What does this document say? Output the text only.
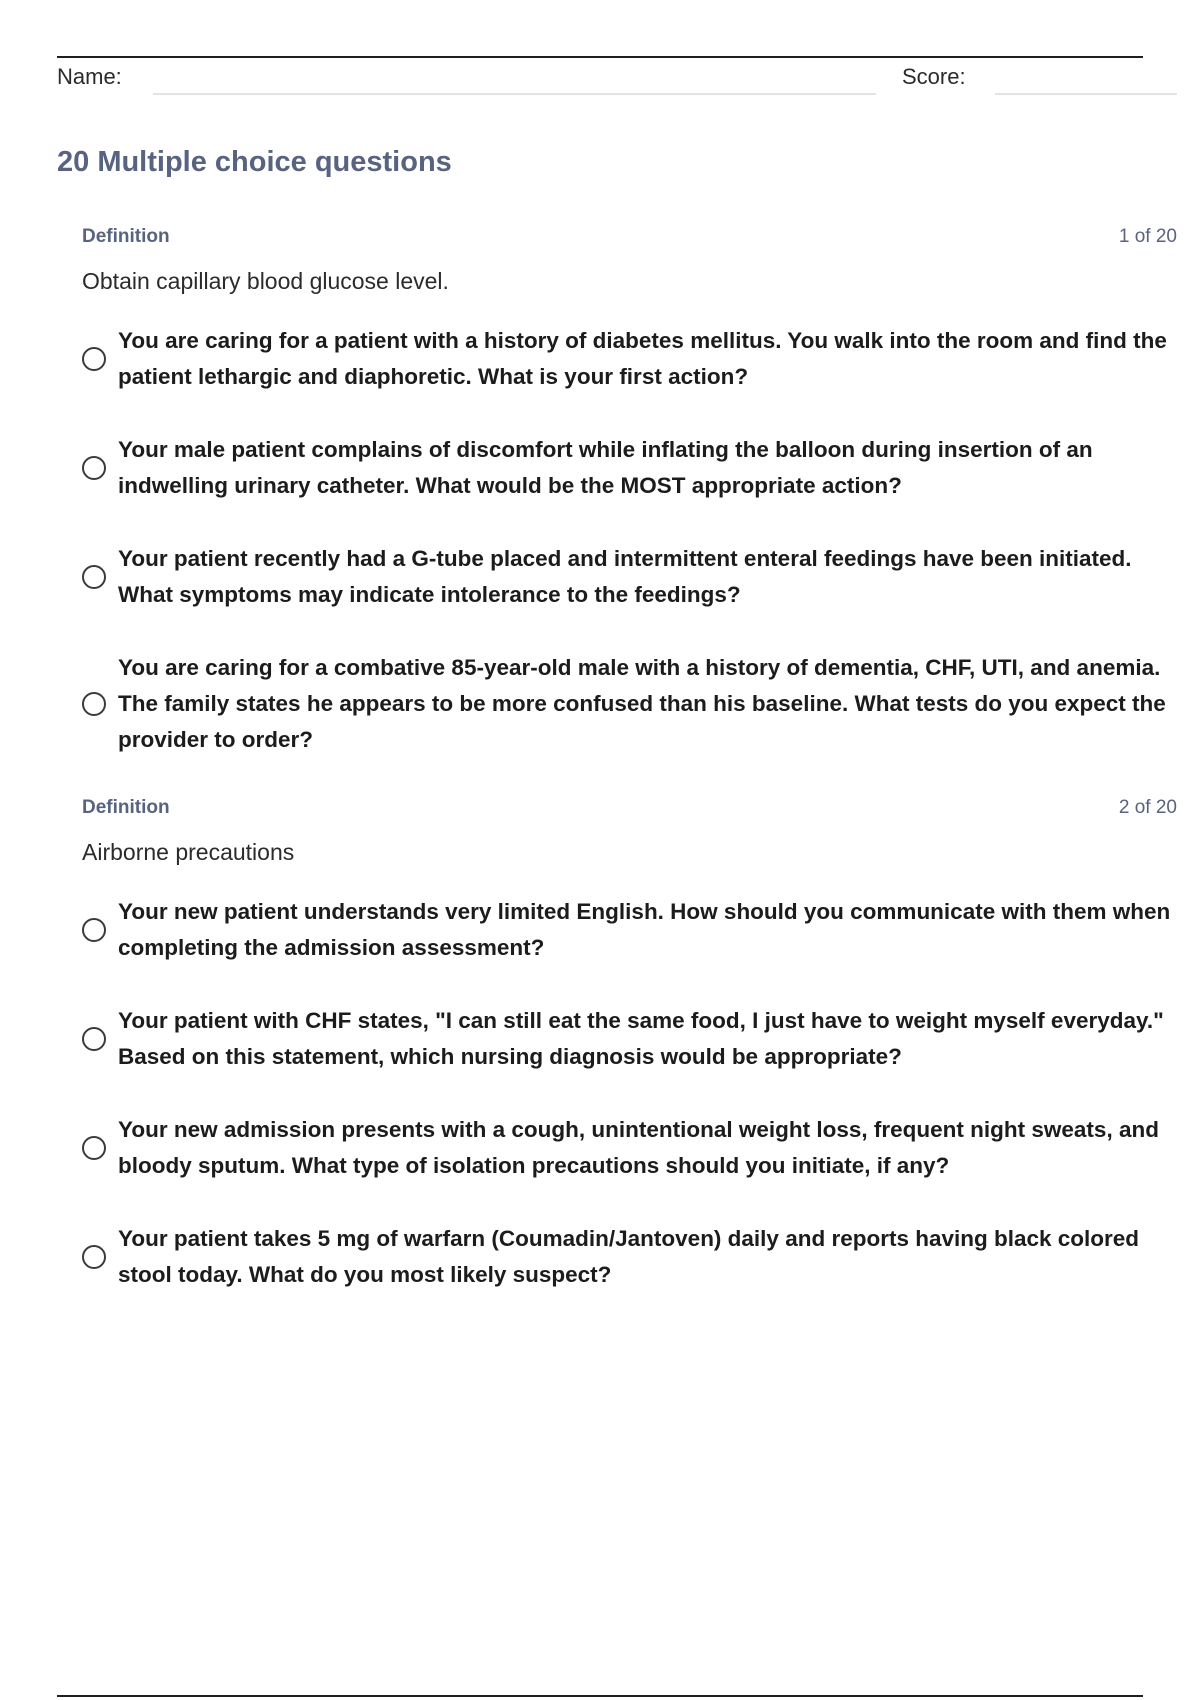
Name:	Score:
20 Multiple choice questions
Definition	1 of 20
Obtain capillary blood glucose level.
You are caring for a patient with a history of diabetes mellitus. You walk into the room and find the patient lethargic and diaphoretic. What is your first action?
Your male patient complains of discomfort while inflating the balloon during insertion of an indwelling urinary catheter. What would be the MOST appropriate action?
Your patient recently had a G-tube placed and intermittent enteral feedings have been initiated. What symptoms may indicate intolerance to the feedings?
You are caring for a combative 85-year-old male with a history of dementia, CHF, UTI, and anemia. The family states he appears to be more confused than his baseline. What tests do you expect the provider to order?
Definition	2 of 20
Airborne precautions
Your new patient understands very limited English. How should you communicate with them when completing the admission assessment?
Your patient with CHF states, "I can still eat the same food, I just have to weight myself everyday." Based on this statement, which nursing diagnosis would be appropriate?
Your new admission presents with a cough, unintentional weight loss, frequent night sweats, and bloody sputum. What type of isolation precautions should you initiate, if any?
Your patient takes 5 mg of warfarn (Coumadin/Jantoven) daily and reports having black colored stool today. What do you most likely suspect?
